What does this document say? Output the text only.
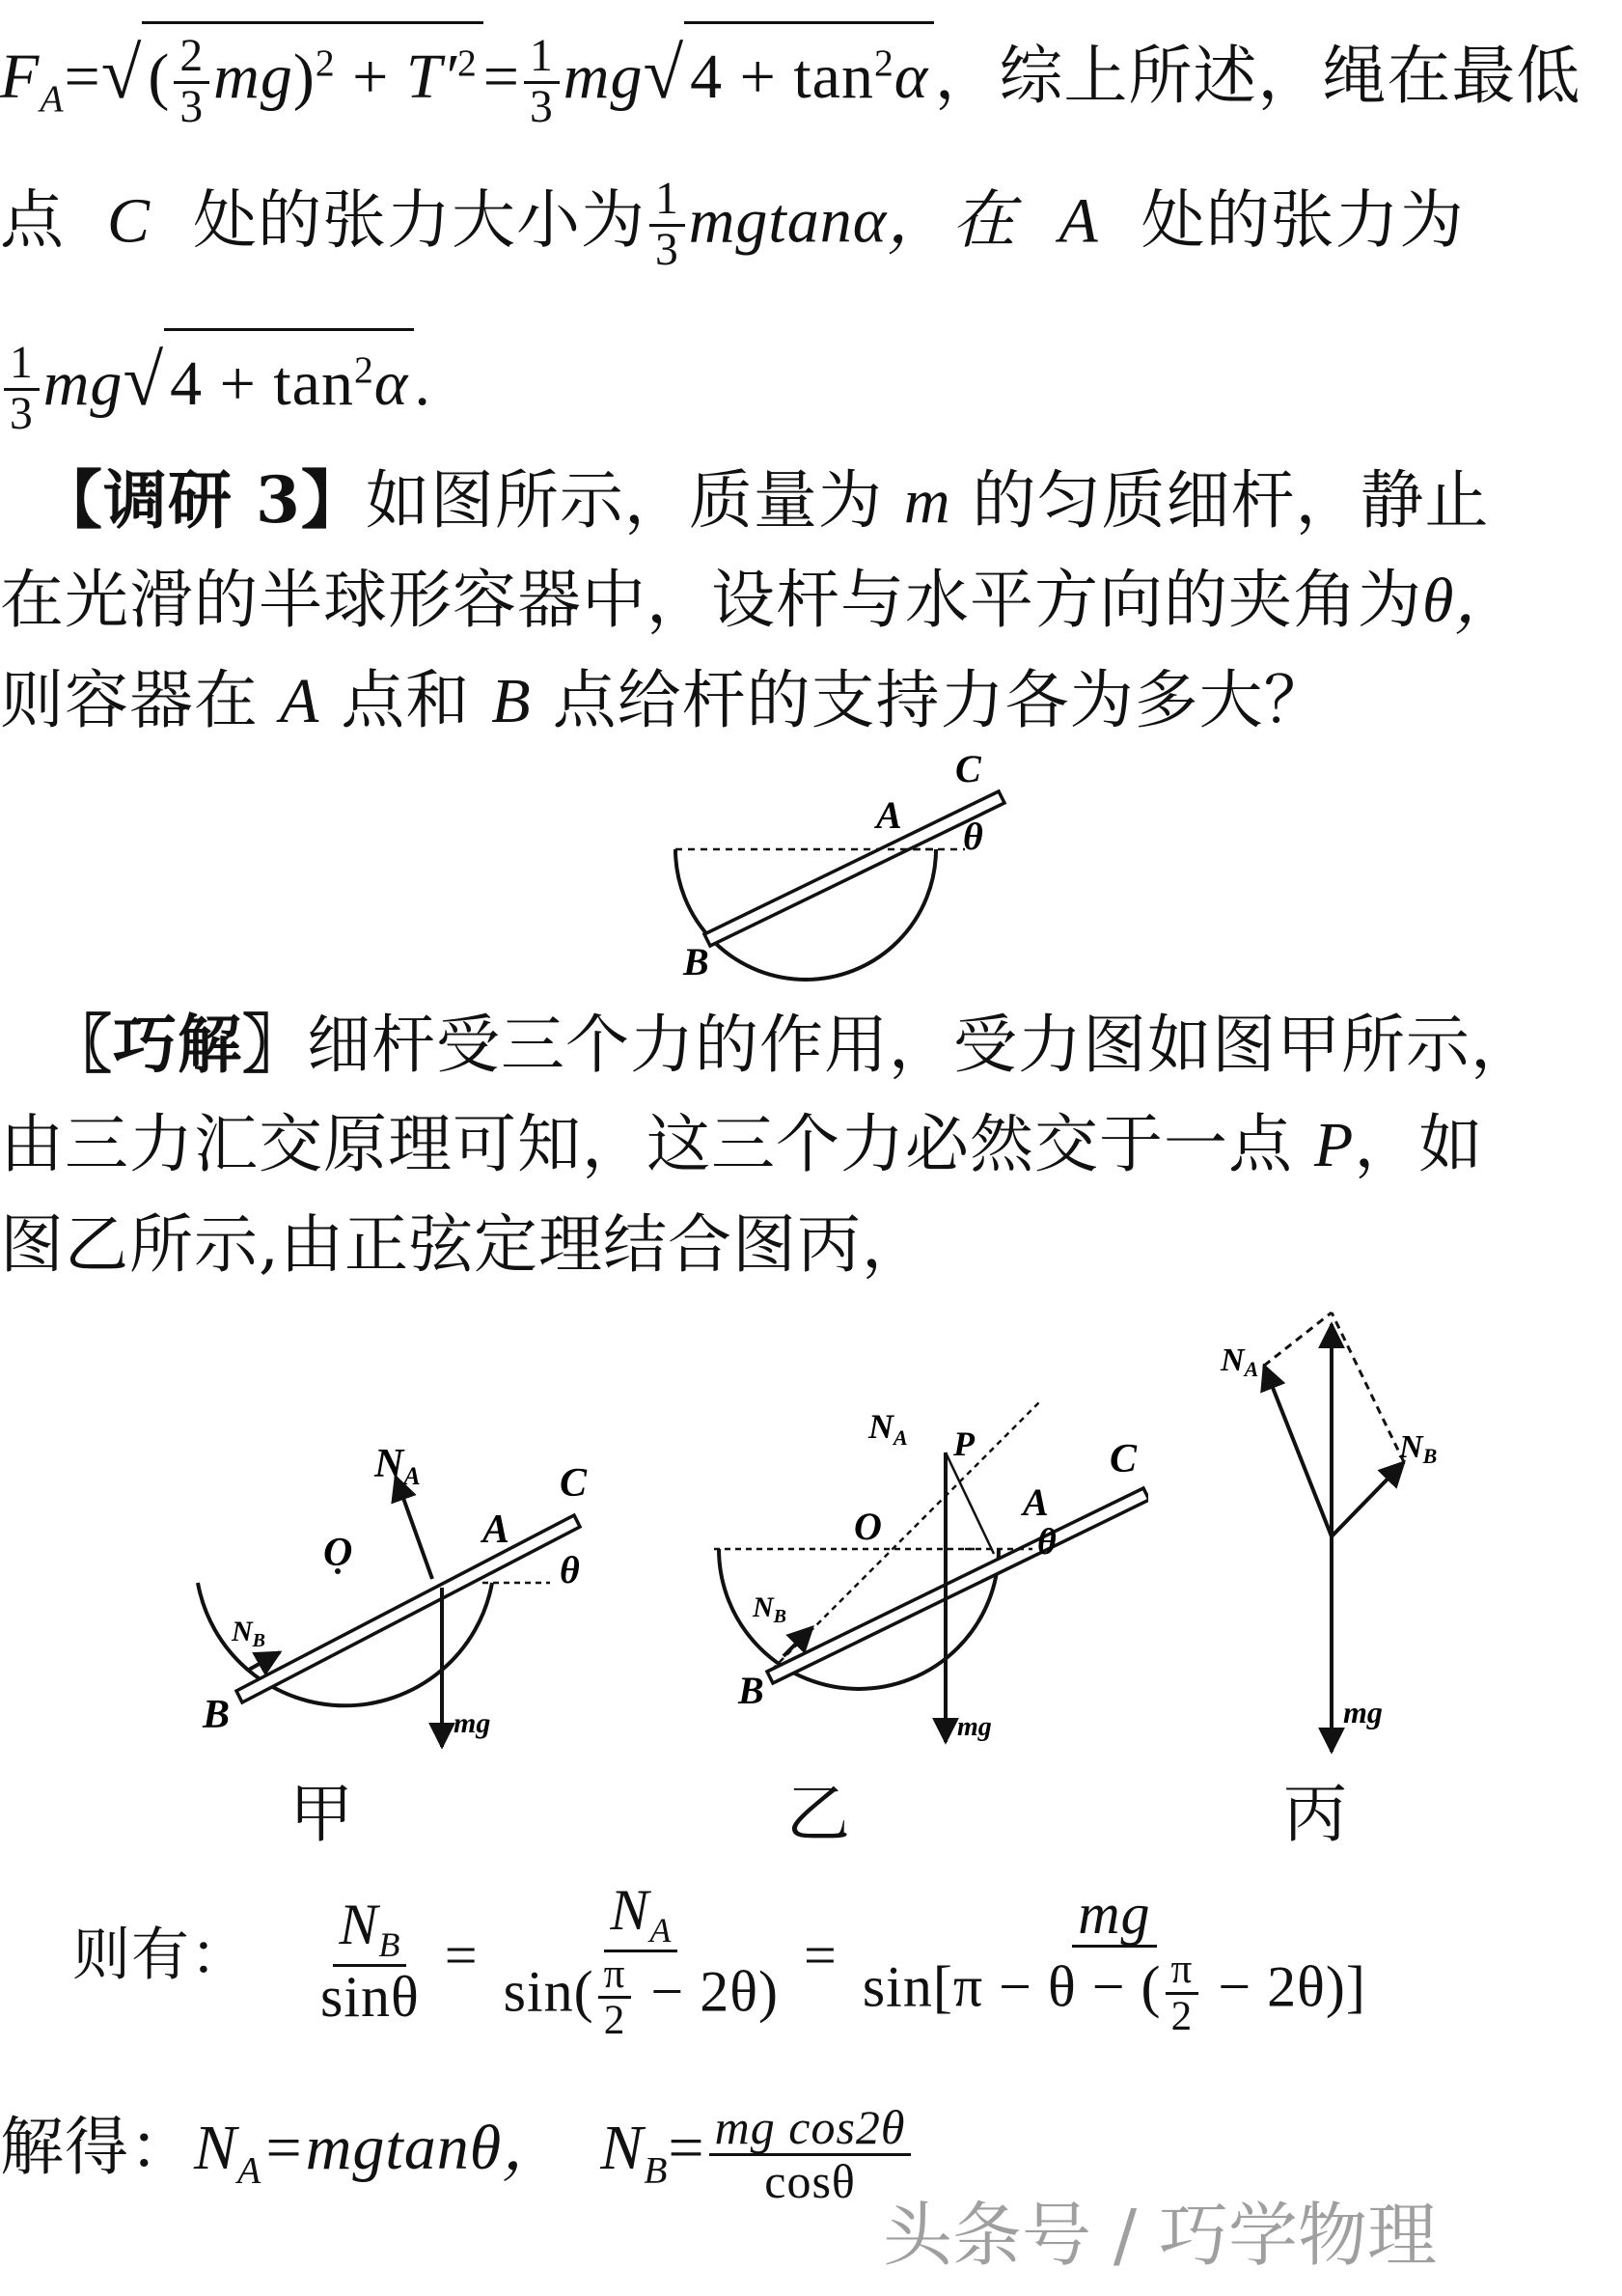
$F_A=√( \frac{2}{3} mg)^2 + T'^2= \frac{1}{3} mg√4 + \tan^2\alpha$，综上所述，绳在最低
点 C 处的张力大小为 $\frac{1}{3}$ mgtanα，在 A 处的张力为
$\frac{1}{3} mg√4 + \tan^2\alpha$.
【调研 3】如图所示，质量为 m 的匀质细杆，静止
在光滑的半球形容器中，设杆与水平方向的夹角为θ，
则容器在 A 点和 B 点给杆的支持力各为多大？
C
A θ
B
〖巧解〗细杆受三个力的作用，受力图如图甲所示，
由三力汇交原理可知，这三个力必然交于一点 P，如
图乙所示,由正弦定理结合图丙，
NA	C
A
O	θ
$N_B$
B	mg
NA P	C
A
O	θ
$N_B$
B
mg
NA
NB
mg
甲	乙	丙
则有： $\frac{N_B}{\sin\theta} = \frac{N_A}{\sin( \frac{\pi}{2} - 2\theta)} = \frac{mg}{\sin[\pi - \theta - ( \frac{\pi}{2} - 2\theta)]}$
解得：$N_A=mgtan\theta$， $N_B= \frac{\text{mg cos2θ}}{\cos\theta}$
头条号 / 巧学物理
